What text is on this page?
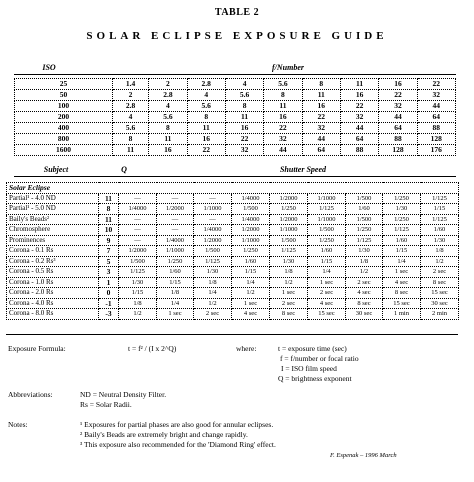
TABLE 2
SOLAR ECLIPSE EXPOSURE GUIDE
ISO	f/Number
25	1.4	2	2.8	4	5.6	8	11	16	22
50	2	2.8	4	5.6	8	11	16	22	32
100	2.8	4	5.6	8	11	16	22	32	44
200	4	5.6	8	11	16	22	32	44	64
400	5.6	8	11	16	22	32	44	64	88
800	8	11	16	22	32	44	64	88	128
1600	11	16	22	32	44	64	88	128	176
Subject	Q	Shutter Speed
Solar Eclipse										
Partial¹ - 4.0 ND	11	—	—	—	1/4000	1/2000	1/1000	1/500	1/250	1/125
Partial¹ - 5.0 ND	8	1/4000	1/2000	1/1000	1/500	1/250	1/125	1/60	1/30	1/15
Baily's Beads²	11	—	—	—	1/4000	1/2000	1/1000	1/500	1/250	1/125
Chromosphere	10	—	—	1/4000	1/2000	1/1000	1/500	1/250	1/125	1/60
Prominences	9	—	1/4000	1/2000	1/1000	1/500	1/250	1/125	1/60	1/30
Corona - 0.1 Rs	7	1/2000	1/1000	1/500	1/250	1/125	1/60	1/30	1/15	1/8
Corona - 0.2 Rs³	5	1/500	1/250	1/125	1/60	1/30	1/15	1/8	1/4	1/2
Corona - 0.5 Rs	3	1/125	1/60	1/30	1/15	1/8	1/4	1/2	1 sec	2 sec
Corona - 1.0 Rs	1	1/30	1/15	1/8	1/4	1/2	1 sec	2 sec	4 sec	8 sec
Corona - 2.0 Rs	0	1/15	1/8	1/4	1/2	1 sec	2 sec	4 sec	8 sec	15 sec
Corona - 4.0 Rs	-1	1/8	1/4	1/2	1 sec	2 sec	4 sec	8 sec	15 sec	30 sec
Corona - 8.0 Rs	-3	1/2	1 sec	2 sec	4 sec	8 sec	15 sec	30 sec	1 min	2 min
Exposure Formula:	t = f² / (I x 2^Q)	where:	t = exposure time (sec)
f = f/number or focal ratio
I = ISO film speed
Q = brightness exponent
Abbreviations:	ND = Neutral Density Filter.
Rs = Solar Radii.
Notes:	¹ Exposures for partial phases are also good for annular eclipses.
² Baily's Beads are extremely bright and change rapidly.
³ This exposure also recommended for the 'Diamond Ring' effect.
F. Espenak – 1996 March
